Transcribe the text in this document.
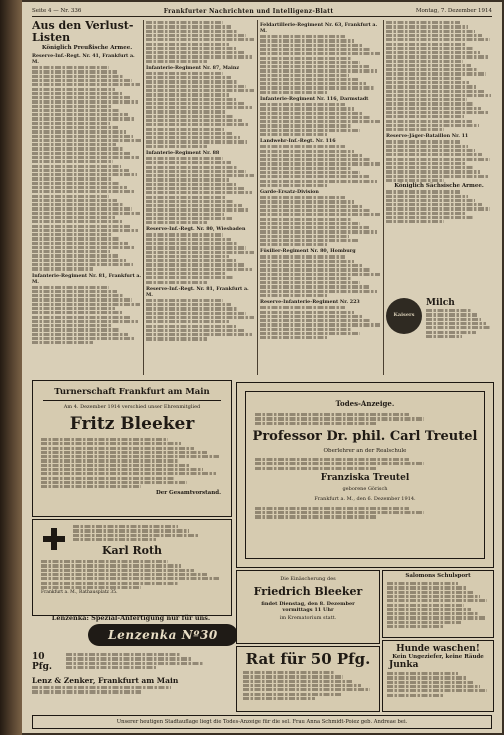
Seite 4 — Nr. 336	Frankfurter Nachrichten und Intelligenz-Blatt	Montag, 7. Dezember 1914
Aus den Verlust-Listen
Königlich Preußische Armee.
Reserve-Inf.-Regt. Nr. 41, Frankfurt a. M.
Infanterie-Regiment Nr. 81, Frankfurt a. M.
Infanterie-Regiment Nr. 87, Mainz
Infanterie-Regiment Nr. 88
Reserve-Inf.-Regt. Nr. 80, Wiesbaden
Reserve-Inf.-Regt. Nr. 81, Frankfurt a. M.
Feldartillerie-Regiment Nr. 63, Frankfurt a. M.
Infanterie-Regiment Nr. 116, Darmstadt
Landwehr-Inf.-Regt. Nr. 116
Garde-Ersatz-Division
Füsilier-Regiment Nr. 80, Homburg
Reserve-Infanterie-Regiment Nr. 223
Reserve-Jäger-Bataillon Nr. 11
Königlich Sächsische Armee.
Kaisers
Milch
Turnerschaft Frankfurt am Main
Am 4. Dezember 1914 verschied unser Ehrenmitglied
Fritz Bleeker
Der Gesamtvorstand.
Karl Roth
Frankfurt a. M., Rathausplatz 35.
Lenzenka: Spezial-Anfertigung nur für uns.
Lenzenka Nº30
10 Pfg.
Lenz & Zenker, Frankfurt am Main
Todes-Anzeige.
Professor Dr. phil. Carl Treutel
Oberlehrer an der Realschule
Franziska Treutel
geborene Görisch
Frankfurt a. M., den 6. Dezember 1914.
Die Einäscherung des
Friedrich Bleeker
findet Dienstag, den 8. Dezember vormittags 11 Uhr
im Krematorium statt.
Rat für 50 Pfg.
Salomons Schulsport
Hunde waschen!
Kein Ungeziefer, keine Räude
Junka
Unserer heutigen Stadtauflage liegt die Todes-Anzeige für die sel. Frau Anna Schmidt-Poiez geb. Andreae bei.
